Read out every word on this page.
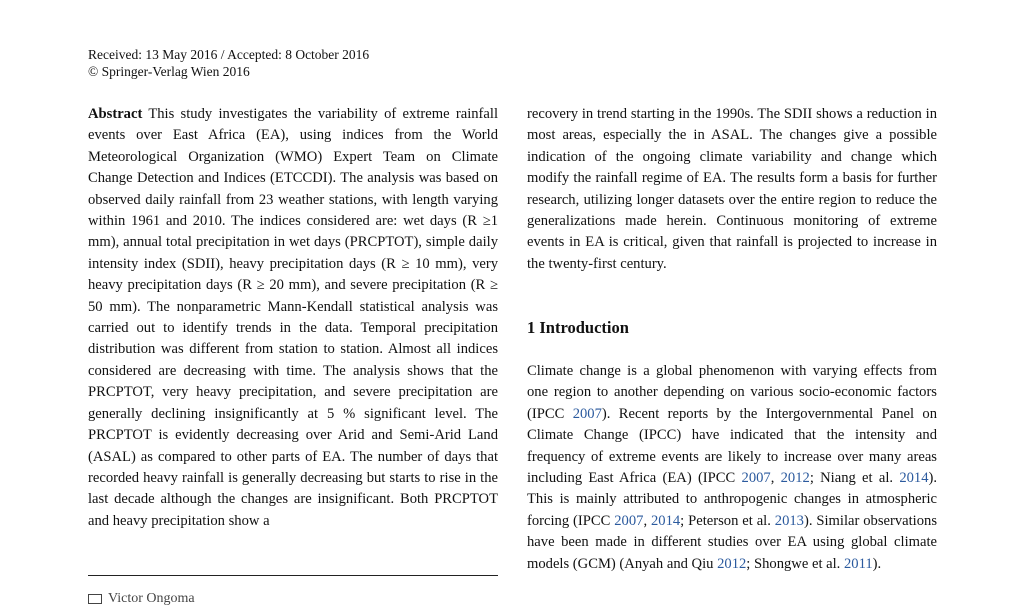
Received: 13 May 2016 / Accepted: 8 October 2016
© Springer-Verlag Wien 2016

Abstract This study investigates the variability of extreme rainfall events over East Africa (EA), using indices from the World Meteorological Organization (WMO) Expert Team on Climate Change Detection and Indices (ETCCDI). The analysis was based on observed daily rainfall from 23 weather stations, with length varying within 1961 and 2010. The indices considered are: wet days (R ≥1 mm), annual total precipitation in wet days (PRCPTOT), simple daily intensity index (SDII), heavy precipitation days (R ≥ 10 mm), very heavy precipitation days (R ≥ 20 mm), and severe precipitation (R ≥ 50 mm). The nonparametric Mann-Kendall statistical analysis was carried out to identify trends in the data. Temporal precipitation distribution was different from station to station. Almost all indices considered are decreasing with time. The analysis shows that the PRCPTOT, very heavy precipitation, and severe precipitation are generally declining insignificantly at 5 % significant level. The PRCPTOT is evidently decreasing over Arid and Semi-Arid Land (ASAL) as compared to other parts of EA. The number of days that recorded heavy rainfall is generally decreasing but starts to rise in the last decade although the changes are insignificant. Both PRCPTOT and heavy precipitation show a

recovery in trend starting in the 1990s. The SDII shows a reduction in most areas, especially the in ASAL. The changes give a possible indication of the ongoing climate variability and change which modify the rainfall regime of EA. The results form a basis for further research, utilizing longer datasets over the entire region to reduce the generalizations made herein. Continuous monitoring of extreme events in EA is critical, given that rainfall is projected to increase in the twenty-first century.

1 Introduction

Climate change is a global phenomenon with varying effects from one region to another depending on various socio-economic factors (IPCC 2007). Recent reports by the Intergovernmental Panel on Climate Change (IPCC) have indicated that the intensity and frequency of extreme events are likely to increase over many areas including East Africa (EA) (IPCC 2007, 2012; Niang et al. 2014). This is mainly attributed to anthropogenic changes in atmospheric forcing (IPCC 2007, 2014; Peterson et al. 2013). Similar observations have been made in different studies over EA using global climate models (GCM) (Anyah and Qiu 2012; Shongwe et al. 2011).

Victor Ongoma
